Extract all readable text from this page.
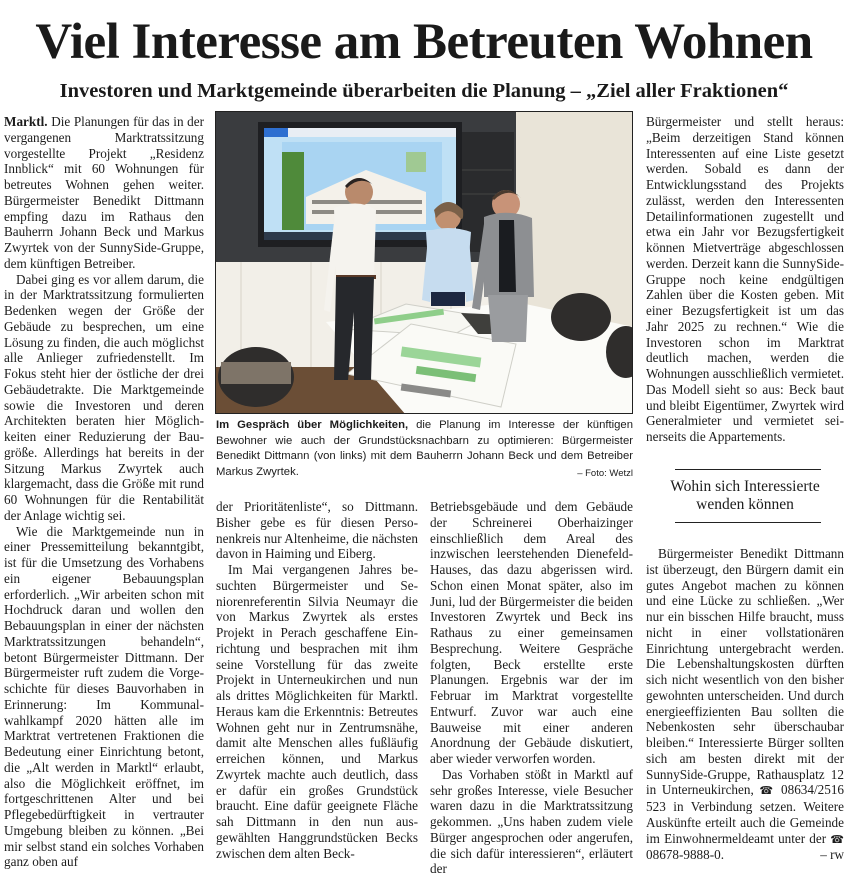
Viel Interesse am Betreuten Wohnen
Investoren und Marktgemeinde überarbeiten die Planung – „Ziel aller Fraktionen“

Marktl. Die Planungen für das in der vergangenen Marktratssitzung vorgestellte Projekt „Residenz Innblick“ mit 60 Wohnungen für betreutes Wohnen gehen weiter. Bürgermeister Benedikt Dittmann empfing dazu im Rathaus den Bauherrn Johann Beck und Markus Zwyrtek von der SunnySide-Gruppe, dem künftigen Betreiber.

Dabei ging es vor allem darum, die in der Marktratssitzung formulierten Bedenken wegen der Größe der Gebäude zu besprechen, um eine Lösung zu finden, die auch möglichst alle Anlieger zufriedenstellt. Im Fokus steht hier der östliche der drei Gebäudetrakte. Die Marktgemeinde sowie die Investoren und deren Architekten beraten hier Möglichkeiten einer Reduzierung der Baugröße. Allerdings hat bereits in der Sitzung Markus Zwyrtek auch klargemacht, dass die Größe mit rund 60 Wohnungen für die Rentabilität der Anlage wichtig sei.

Wie die Marktgemeinde nun in einer Pressemitteilung bekanntgibt, ist für die Umsetzung des Vorhabens ein eigener Bebauungsplan erforderlich. „Wir arbeiten schon mit Hochdruck daran und wollen den Bebauungsplan in einer der nächsten Marktratssitzungen behandeln“, betont Bürgermeister Dittmann. Der Bürgermeister ruft zudem die Vorgeschichte für dieses Bauvorhaben in Erinnerung: Im Kommunalwahlkampf 2020 hätten alle im Marktrat vertretenen Fraktionen die Bedeutung einer Einrichtung betont, die „Alt werden in Marktl“ erlaubt, also die Möglichkeit eröffnet, im fortgeschrittenen Alter und bei Pflegebedürftigkeit in vertrauter Umgebung bleiben zu können. „Bei mir selbst stand ein solches Vorhaben ganz oben auf

Im Gespräch über Möglichkeiten, die Planung im Interesse der künftigen Bewohner wie auch der Grundstücksnachbarn zu optimieren: Bürgermeister Benedikt Dittmann (von links) mit dem Bauherrn Johann Beck und dem Betreiber Markus Zwyrtek.	– Foto: Wetzl

der Prioritätenliste“, so Dittmann. Bisher gebe es für diesen Personenkreis nur Altenheime, die nächsten davon in Haiming und Eiberg.

Im Mai vergangenen Jahres besuchten Bürgermeister und Seniorenreferentin Silvia Neumayr die von Markus Zwyrtek als erstes Projekt in Perach geschaffene Einrichtung und besprachen mit ihm seine Vorstellung für das zweite Projekt in Unterneukirchen und nun als drittes Möglichkeiten für Marktl. Heraus kam die Erkenntnis: Betreutes Wohnen geht nur in Zentrumsnähe, damit alte Menschen alles fußläufig erreichen können, und Markus Zwyrtek machte auch deutlich, dass er dafür ein großes Grundstück braucht. Eine dafür geeignete Fläche sah Dittmann in den nun ausgewählten Hanggrundstücken Becks zwischen dem alten Beck-

Betriebsgebäude und dem Gebäude der Schreinerei Oberhaizinger einschließlich dem Areal des inzwischen leerstehenden Dienefeld-Hauses, das dazu abgerissen wird. Schon einen Monat später, also im Juni, lud der Bürgermeister die beiden Investoren Zwyrtek und Beck ins Rathaus zu einer gemeinsamen Besprechung. Weitere Gespräche folgten, Beck erstellte erste Planungen. Ergebnis war der im Februar im Marktrat vorgestellte Entwurf. Zuvor war auch eine Bauweise mit einer anderen Anordnung der Gebäude diskutiert, aber wieder verworfen worden.

Das Vorhaben stößt in Marktl auf sehr großes Interesse, viele Besucher waren dazu in die Marktratssitzung gekommen. „Uns haben zudem viele Bürger angesprochen oder angerufen, die sich dafür interessieren“, erläutert der

Bürgermeister und stellt heraus: „Beim derzeitigen Stand können Interessenten auf eine Liste gesetzt werden. Sobald es dann der Entwicklungsstand des Projekts zulässt, werden den Interessenten Detailinformationen zugestellt und etwa ein Jahr vor Bezugsfertigkeit können Mietverträge abgeschlossen werden. Derzeit kann die SunnySide-Gruppe noch keine endgültigen Zahlen über die Kosten geben. Mit einer Bezugsfertigkeit ist um das Jahr 2025 zu rechnen.“ Wie die Investoren schon im Marktrat deutlich machen, werden die Wohnungen ausschließlich vermietet. Das Modell sieht so aus: Beck baut und bleibt Eigentümer, Zwyrtek wird Generalmieter und vermietet seinerseits die Appartements.

Wohin sich Interessierte wenden können

Bürgermeister Benedikt Dittmann ist überzeugt, den Bürgern damit ein gutes Angebot machen zu können und eine Lücke zu schließen. „Wer nur ein bisschen Hilfe braucht, muss nicht in einer vollstationären Einrichtung untergebracht werden. Die Lebenshaltungskosten dürften sich nicht wesentlich von den bisher gewohnten unterscheiden. Und durch energieeffizienten Bau sollten die Nebenkosten sehr überschaubar bleiben.“ Interessierte Bürger sollten sich am besten direkt mit der SunnySide-Gruppe, Rathausplatz 12 in Unterneukirchen, ☎ 08634/2516 523 in Verbindung setzen. Weitere Auskünfte erteilt auch die Gemeinde im Einwohnermeldeamt unter der ☎ 08678-9888-0.	– rw
